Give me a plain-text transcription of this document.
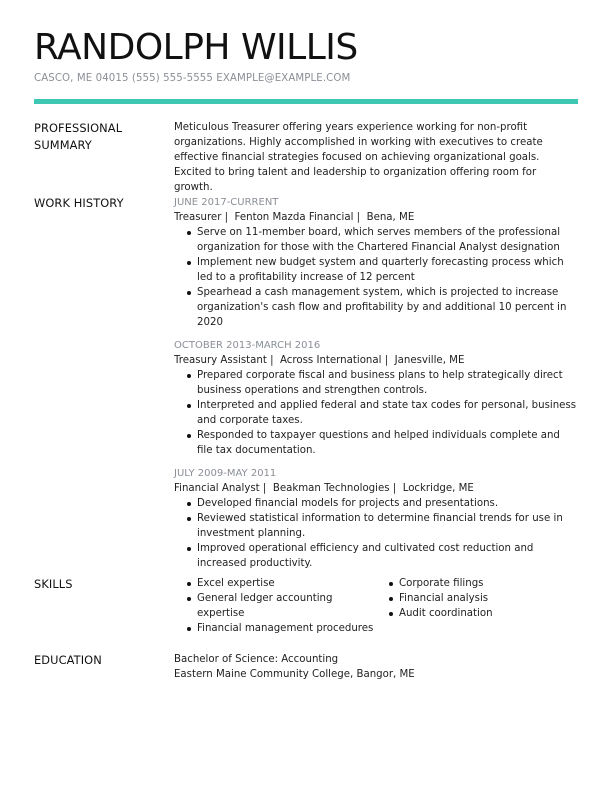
RANDOLPH WILLIS
CASCO, ME 04015 (555) 555-5555 EXAMPLE@EXAMPLE.COM
PROFESSIONAL SUMMARY

Meticulous Treasurer offering years experience working for non-profit organizations. Highly accomplished in working with executives to create effective financial strategies focused on achieving organizational goals. Excited to bring talent and leadership to organization offering room for growth.

WORK HISTORY	JUNE 2017-CURRENT
Treasurer |  Fenton Mazda Financial |  Bena, ME
Serve on 11-member board, which serves members of the professional organization for those with the Chartered Financial Analyst designation
Implement new budget system and quarterly forecasting process which led to a profitability increase of 12 percent
Spearhead a cash management system, which is projected to increase organization's cash flow and profitability by and additional 10 percent in 2020
OCTOBER 2013-MARCH 2016
Treasury Assistant |  Across International |  Janesville, ME
Prepared corporate fiscal and business plans to help strategically direct business operations and strengthen controls.
Interpreted and applied federal and state tax codes for personal, business and corporate taxes.
Responded to taxpayer questions and helped individuals complete and file tax documentation.
JULY 2009-MAY 2011
Financial Analyst |  Beakman Technologies |  Lockridge, ME
Developed financial models for projects and presentations.
Reviewed statistical information to determine financial trends for use in investment planning.
Improved operational efficiency and cultivated cost reduction and increased productivity.
SKILLS	Excel expertise
General ledger accounting expertise
Financial management procedures
Corporate filings
Financial analysis
Audit coordination
EDUCATION	Bachelor of Science: Accounting
Eastern Maine Community College, Bangor, ME
